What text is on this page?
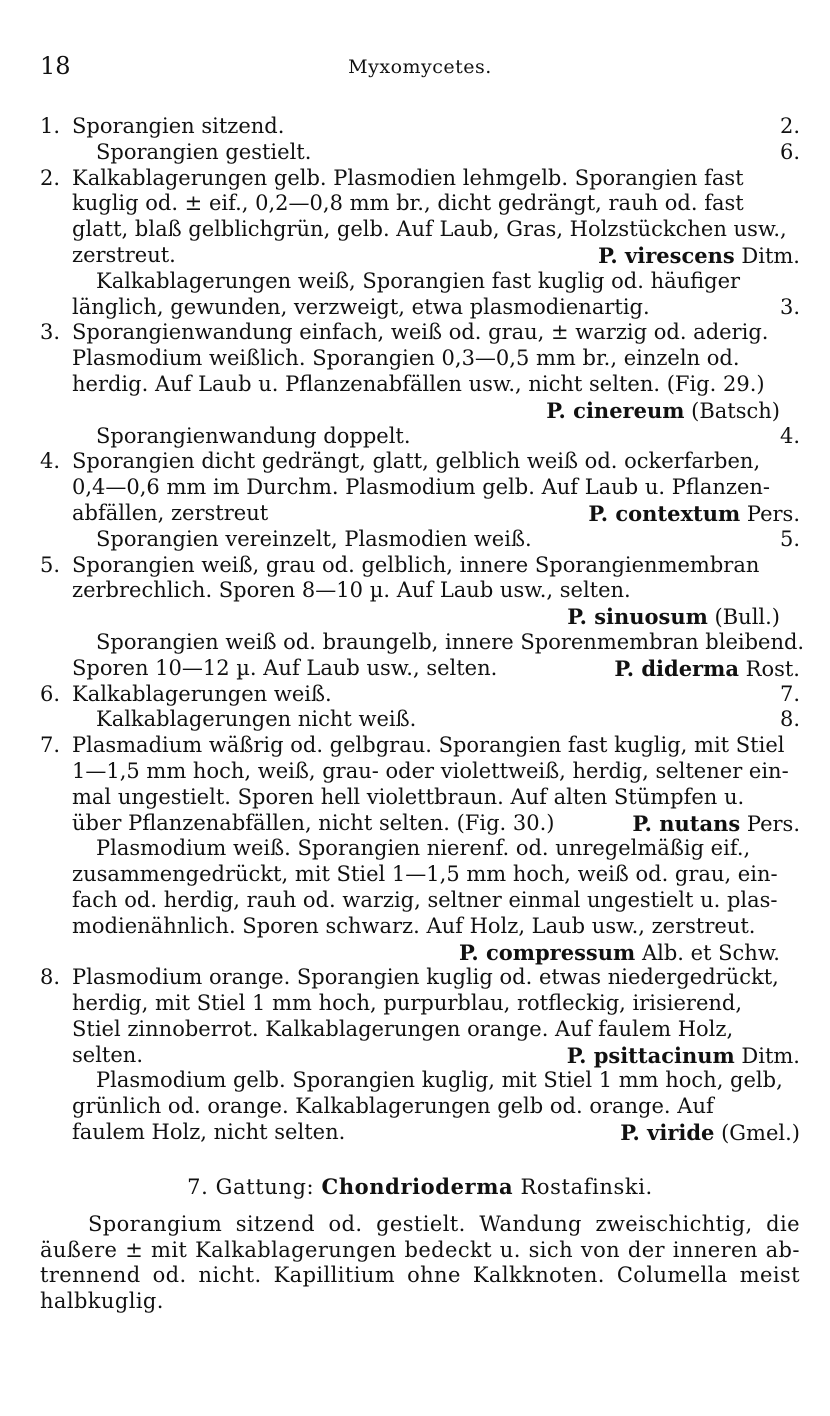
18	Myxomycetes.
1. Sporangien sitzend.	2.
Sporangien gestielt.	6.
2. Kalkablagerungen gelb. Plasmodien lehmgelb. Sporangien fast
kuglig od. ± eif., 0,2—0,8 mm br., dicht gedrängt, rauh od. fast
glatt, blaß gelblichgrün, gelb. Auf Laub, Gras, Holzstückchen usw.,
zerstreut.	P. virescens Ditm.
Kalkablagerungen weiß, Sporangien fast kuglig od. häufiger
länglich, gewunden, verzweigt, etwa plasmodienartig.	3.
3. Sporangienwandung einfach, weiß od. grau, ± warzig od. aderig.
Plasmodium weißlich. Sporangien 0,3—0,5 mm br., einzeln od.
herdig. Auf Laub u. Pflanzenabfällen usw., nicht selten. (Fig. 29.)
P. cinereum (Batsch)
Sporangienwandung doppelt.	4.
4. Sporangien dicht gedrängt, glatt, gelblich weiß od. ockerfarben,
0,4—0,6 mm im Durchm. Plasmodium gelb. Auf Laub u. Pflanzen-
abfällen, zerstreut	P. contextum Pers.
Sporangien vereinzelt, Plasmodien weiß.	5.
5. Sporangien weiß, grau od. gelblich, innere Sporangienmembran
zerbrechlich. Sporen 8—10 µ. Auf Laub usw., selten.
P. sinuosum (Bull.)
Sporangien weiß od. braungelb, innere Sporenmembran bleibend.
Sporen 10—12 µ. Auf Laub usw., selten.	P. diderma Rost.
6. Kalkablagerungen weiß.	7.
Kalkablagerungen nicht weiß.	8.
7. Plasmadium wäßrig od. gelbgrau. Sporangien fast kuglig, mit Stiel
1—1,5 mm hoch, weiß, grau- oder violettweiß, herdig, seltener ein-
mal ungestielt. Sporen hell violettbraun. Auf alten Stümpfen u.
über Pflanzenabfällen, nicht selten. (Fig. 30.)	P. nutans Pers.
Plasmodium weiß. Sporangien nierenf. od. unregelmäßig eif.,
zusammengedrückt, mit Stiel 1—1,5 mm hoch, weiß od. grau, ein-
fach od. herdig, rauh od. warzig, seltner einmal ungestielt u. plas-
modienähnlich. Sporen schwarz. Auf Holz, Laub usw., zerstreut.
P. compressum Alb. et Schw.
8. Plasmodium orange. Sporangien kuglig od. etwas niedergedrückt,
herdig, mit Stiel 1 mm hoch, purpurblau, rotfleckig, irisierend,
Stiel zinnoberrot. Kalkablagerungen orange. Auf faulem Holz,
selten.	P. psittacinum Ditm.
Plasmodium gelb. Sporangien kuglig, mit Stiel 1 mm hoch, gelb,
grünlich od. orange. Kalkablagerungen gelb od. orange. Auf
faulem Holz, nicht selten.	P. viride (Gmel.)
7. Gattung: Chondrioderma Rostafinski.
Sporangium sitzend od. gestielt. Wandung zweischichtig, die
äußere ± mit Kalkablagerungen bedeckt u. sich von der inneren ab-
trennend od. nicht. Kapillitium ohne Kalkknoten. Columella meist
halbkuglig.
